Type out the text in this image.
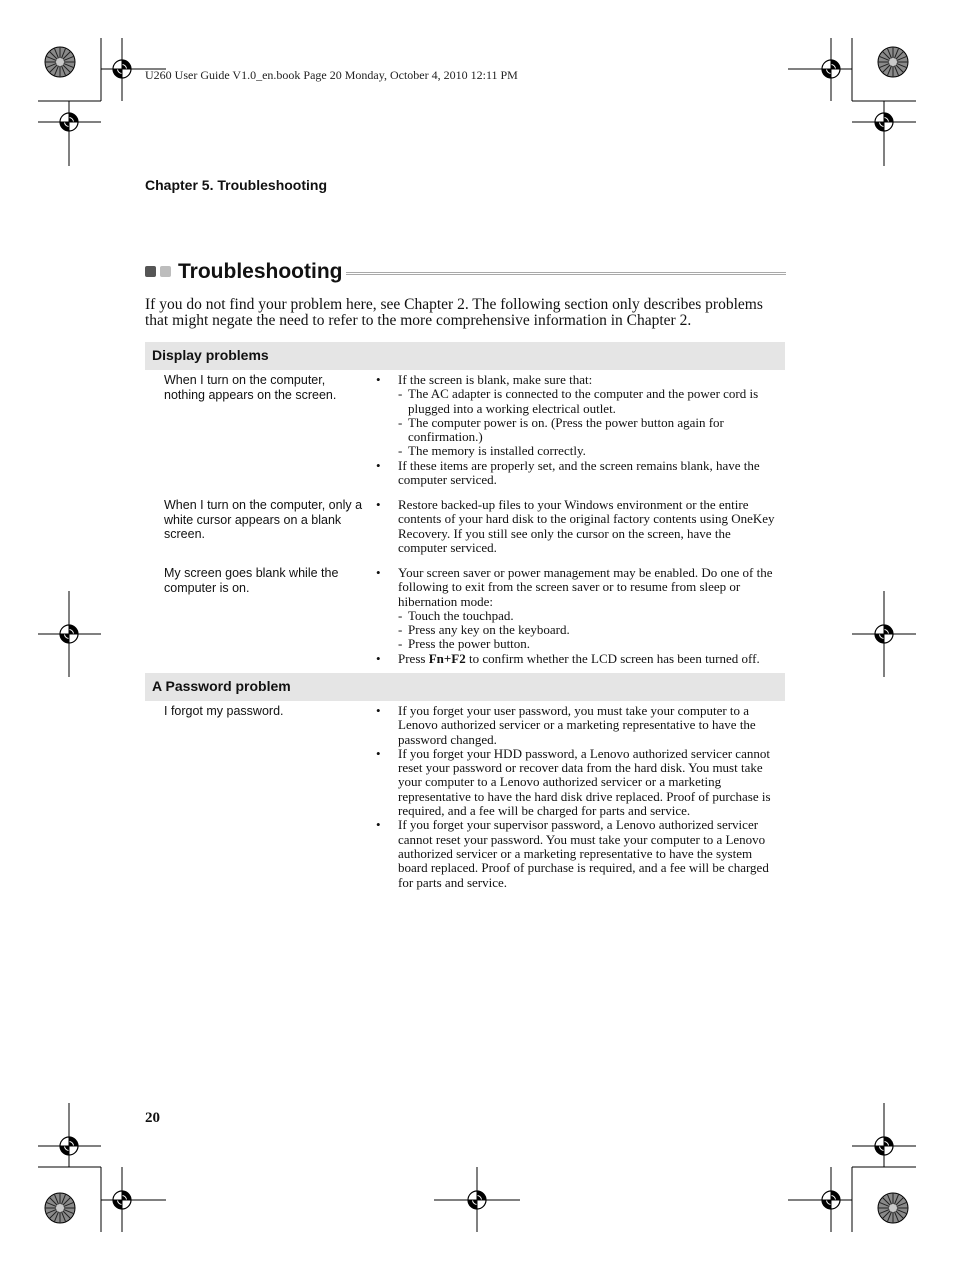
U260 User Guide V1.0_en.book Page 20 Monday, October 4, 2010 12:11 PM
Chapter 5. Troubleshooting
Troubleshooting

If you do not find your problem here, see Chapter 2. The following section only describes problems that might negate the need to refer to the more comprehensive information in Chapter 2.

Display problems
When I turn on the computer, nothing appears on the screen.
• If the screen is blank, make sure that:
- The AC adapter is connected to the computer and the power cord is plugged into a working electrical outlet.
- The computer power is on. (Press the power button again for confirmation.)
- The memory is installed correctly.
• If these items are properly set, and the screen remains blank, have the computer serviced.
When I turn on the computer, only a white cursor appears on a blank screen.
• Restore backed-up files to your Windows environment or the entire contents of your hard disk to the original factory contents using OneKey Recovery. If you still see only the cursor on the screen, have the computer serviced.
My screen goes blank while the computer is on.
• Your screen saver or power management may be enabled. Do one of the following to exit from the screen saver or to resume from sleep or hibernation mode:
- Touch the touchpad.
- Press any key on the keyboard.
- Press the power button.
• Press Fn+F2 to confirm whether the LCD screen has been turned off.
A Password problem
I forgot my password.	• If you forget your user password, you must take your computer to a Lenovo authorized servicer or a marketing representative to have the password changed.
• If you forget your HDD password, a Lenovo authorized servicer cannot reset your password or recover data from the hard disk. You must take your computer to a Lenovo authorized servicer or a marketing representative to have the hard disk drive replaced. Proof of purchase is required, and a fee will be charged for parts and service.
• If you forget your supervisor password, a Lenovo authorized servicer cannot reset your password. You must take your computer to a Lenovo authorized servicer or a marketing representative to have the system board replaced. Proof of purchase is required, and a fee will be charged for parts and service.
20
